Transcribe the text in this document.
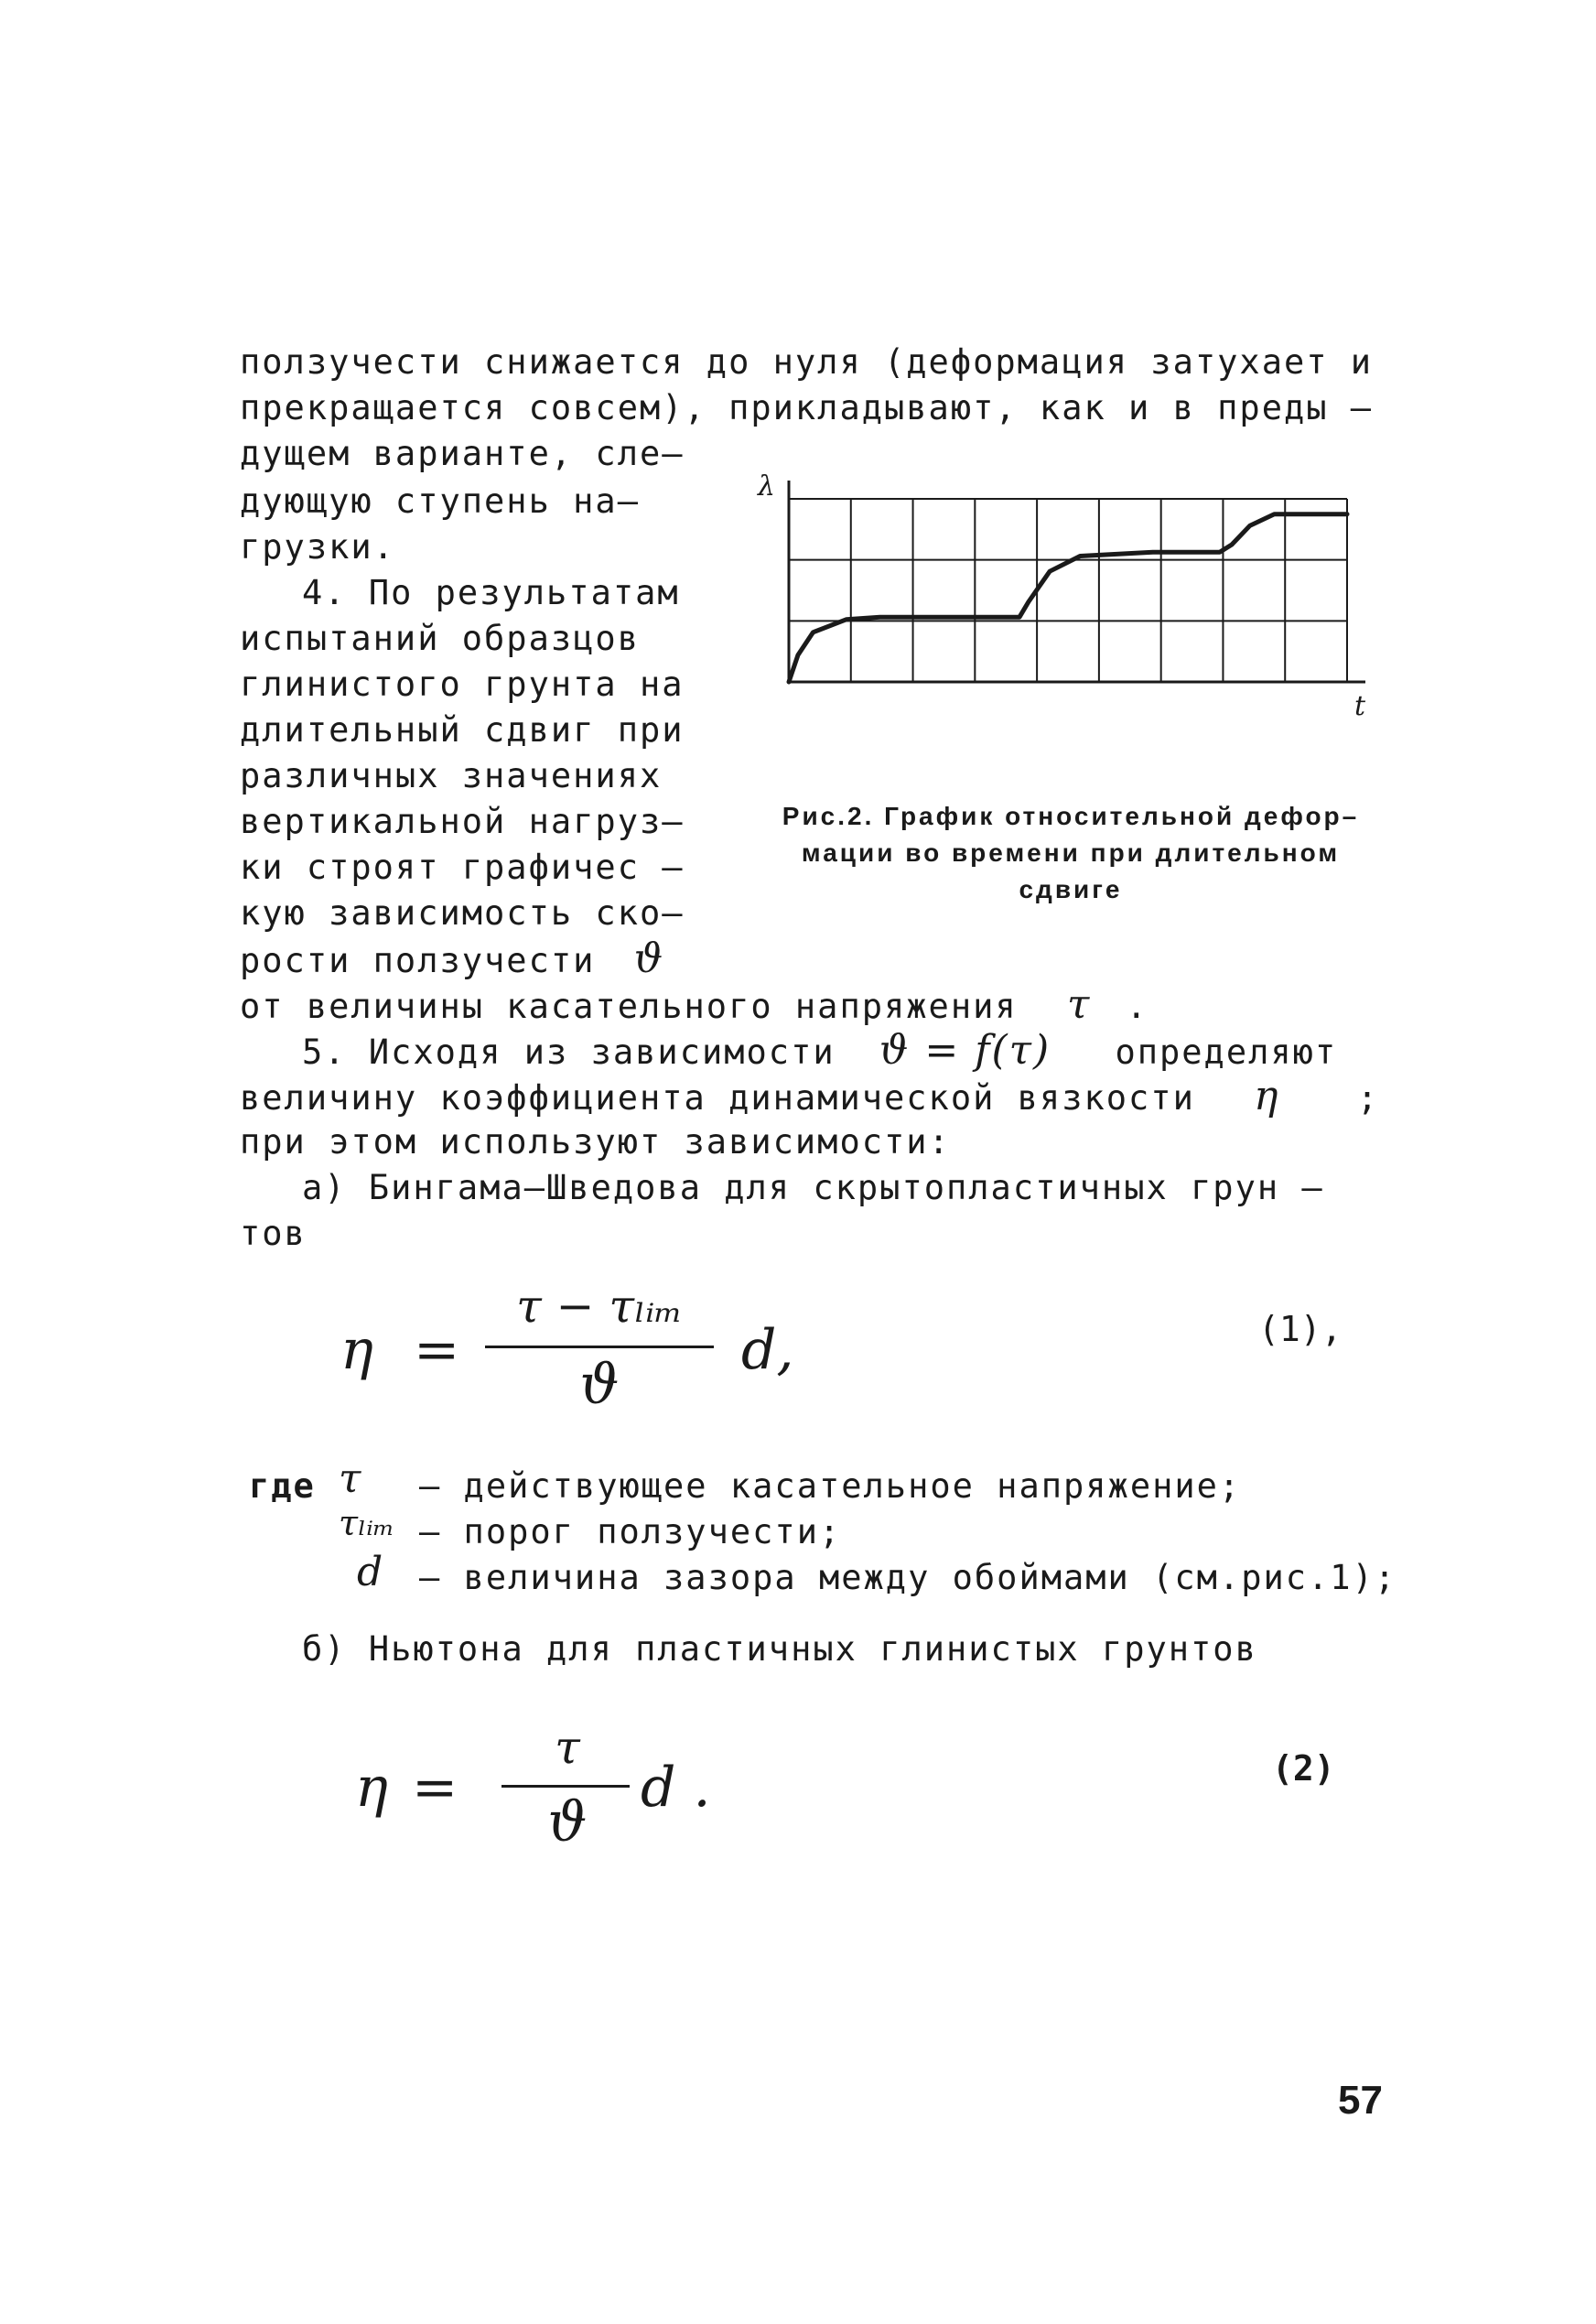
ползучести снижается до нуля (деформация затухает и
прекращается совсем), прикладывают, как и в преды –
дущем варианте, сле–
дующую ступень на–
грузки.
4. По результатам
испытаний образцов
глинистого грунта на
длительный сдвиг при
различных значениях
вертикальной нагруз–
ки строят графичес –
кую зависимость ско–
рости ползучести ϑ
от величины касательного напряжения τ .
5. Исходя из зависимости ϑ = f(τ) определяют
величину коэффициента динамической вязкости η ;
при этом используют зависимости:
а) Бингама–Шведова для скрытопластичных грун –
тов
η =
τ − τₗᵢₘ
ϑ
d,	(1),
где τ – действующее касательное напряжение;
τₗᵢₘ – порог ползучести;
d – величина зазора между обоймами (см.рис.1);
б) Ньютона для пластичных глинистых грунтов
η =
τ
ϑ
d .	(2)
λ
t
Рис.2. График относительной дефор–
мации во времени при длительном
сдвиге
57
